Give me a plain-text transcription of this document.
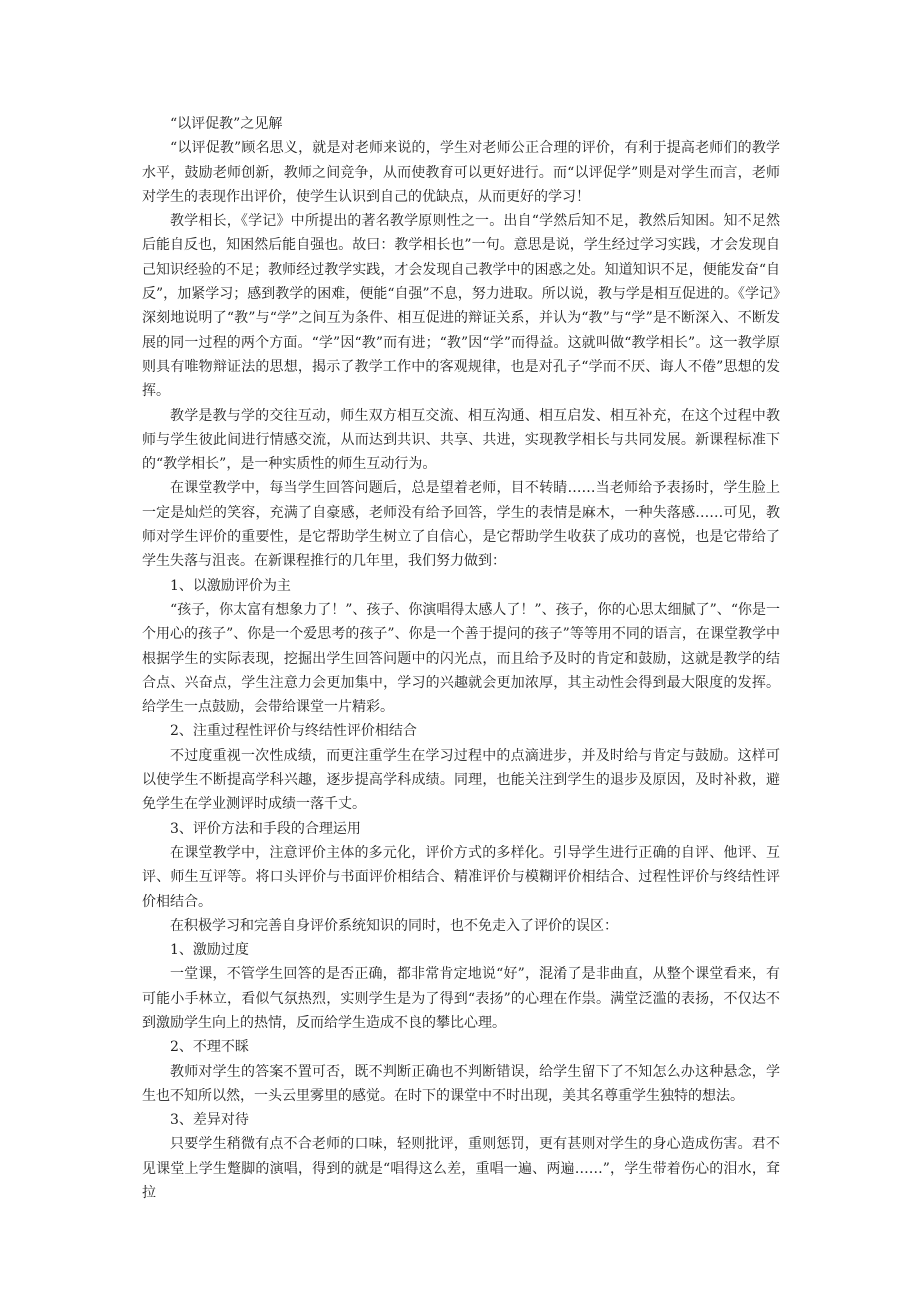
“以评促教”之见解

“以评促教”顾名思义，就是对老师来说的，学生对老师公正合理的评价，有利于提高老师们的教学水平，鼓励老师创新，教师之间竞争，从而使教育可以更好进行。而“以评促学”则是对学生而言，老师对学生的表现作出评价，使学生认识到自己的优缺点，从而更好的学习！

教学相长，《学记》中所提出的著名教学原则性之一。出自“学然后知不足，教然后知困。知不足然后能自反也，知困然后能自强也。故曰：教学相长也”一句。意思是说，学生经过学习实践，才会发现自己知识经验的不足；教师经过教学实践，才会发现自己教学中的困惑之处。知道知识不足，便能发奋“自反”，加紧学习；感到教学的困难，便能“自强”不息，努力进取。所以说，教与学是相互促进的。《学记》深刻地说明了“教”与“学”之间互为条件、相互促进的辩证关系，并认为“教”与“学”是不断深入、不断发展的同一过程的两个方面。“学”因“教”而有进；“教”因“学”而得益。这就叫做“教学相长”。这一教学原则具有唯物辩证法的思想，揭示了教学工作中的客观规律，也是对孔子“学而不厌、诲人不倦”思想的发挥。

教学是教与学的交往互动，师生双方相互交流、相互沟通、相互启发、相互补充，在这个过程中教师与学生彼此间进行情感交流，从而达到共识、共享、共进，实现教学相长与共同发展。新课程标准下的“教学相长”，是一种实质性的师生互动行为。

在课堂教学中，每当学生回答问题后，总是望着老师，目不转睛……当老师给予表扬时，学生脸上一定是灿烂的笑容，充满了自豪感，老师没有给予回答，学生的表情是麻木，一种失落感……可见，教师对学生评价的重要性，是它帮助学生树立了自信心，是它帮助学生收获了成功的喜悦，也是它带给了学生失落与沮丧。在新课程推行的几年里，我们努力做到：

1、以激励评价为主

“孩子，你太富有想象力了！”、孩子、你演唱得太感人了！”、孩子，你的心思太细腻了”、“你是一个用心的孩子”、你是一个爱思考的孩子”、你是一个善于提问的孩子”等等用不同的语言，在课堂教学中根据学生的实际表现，挖掘出学生回答问题中的闪光点，而且给予及时的肯定和鼓励，这就是教学的结合点、兴奋点，学生注意力会更加集中，学习的兴趣就会更加浓厚，其主动性会得到最大限度的发挥。给学生一点鼓励，会带给课堂一片精彩。

2、注重过程性评价与终结性评价相结合

不过度重视一次性成绩，而更注重学生在学习过程中的点滴进步，并及时给与肯定与鼓励。这样可以使学生不断提高学科兴趣，逐步提高学科成绩。同理，也能关注到学生的退步及原因，及时补救，避免学生在学业测评时成绩一落千丈。

3、评价方法和手段的合理运用

在课堂教学中，注意评价主体的多元化，评价方式的多样化。引导学生进行正确的自评、他评、互评、师生互评等。将口头评价与书面评价相结合、精准评价与模糊评价相结合、过程性评价与终结性评价相结合。

在积极学习和完善自身评价系统知识的同时，也不免走入了评价的误区：

1、激励过度

一堂课，不管学生回答的是否正确，都非常肯定地说“好”，混淆了是非曲直，从整个课堂看来，有可能小手林立，看似气氛热烈，实则学生是为了得到“表扬”的心理在作祟。满堂泛滥的表扬，不仅达不到激励学生向上的热情，反而给学生造成不良的攀比心理。

2、不理不睬

教师对学生的答案不置可否，既不判断正确也不判断错误，给学生留下了不知怎么办这种悬念，学生也不知所以然，一头云里雾里的感觉。在时下的课堂中不时出现，美其名尊重学生独特的想法。

3、差异对待

只要学生稍微有点不合老师的口味，轻则批评，重则惩罚，更有甚则对学生的身心造成伤害。君不见课堂上学生蹩脚的演唱，得到的就是“唱得这么差，重唱一遍、两遍……”，学生带着伤心的泪水，耷拉
